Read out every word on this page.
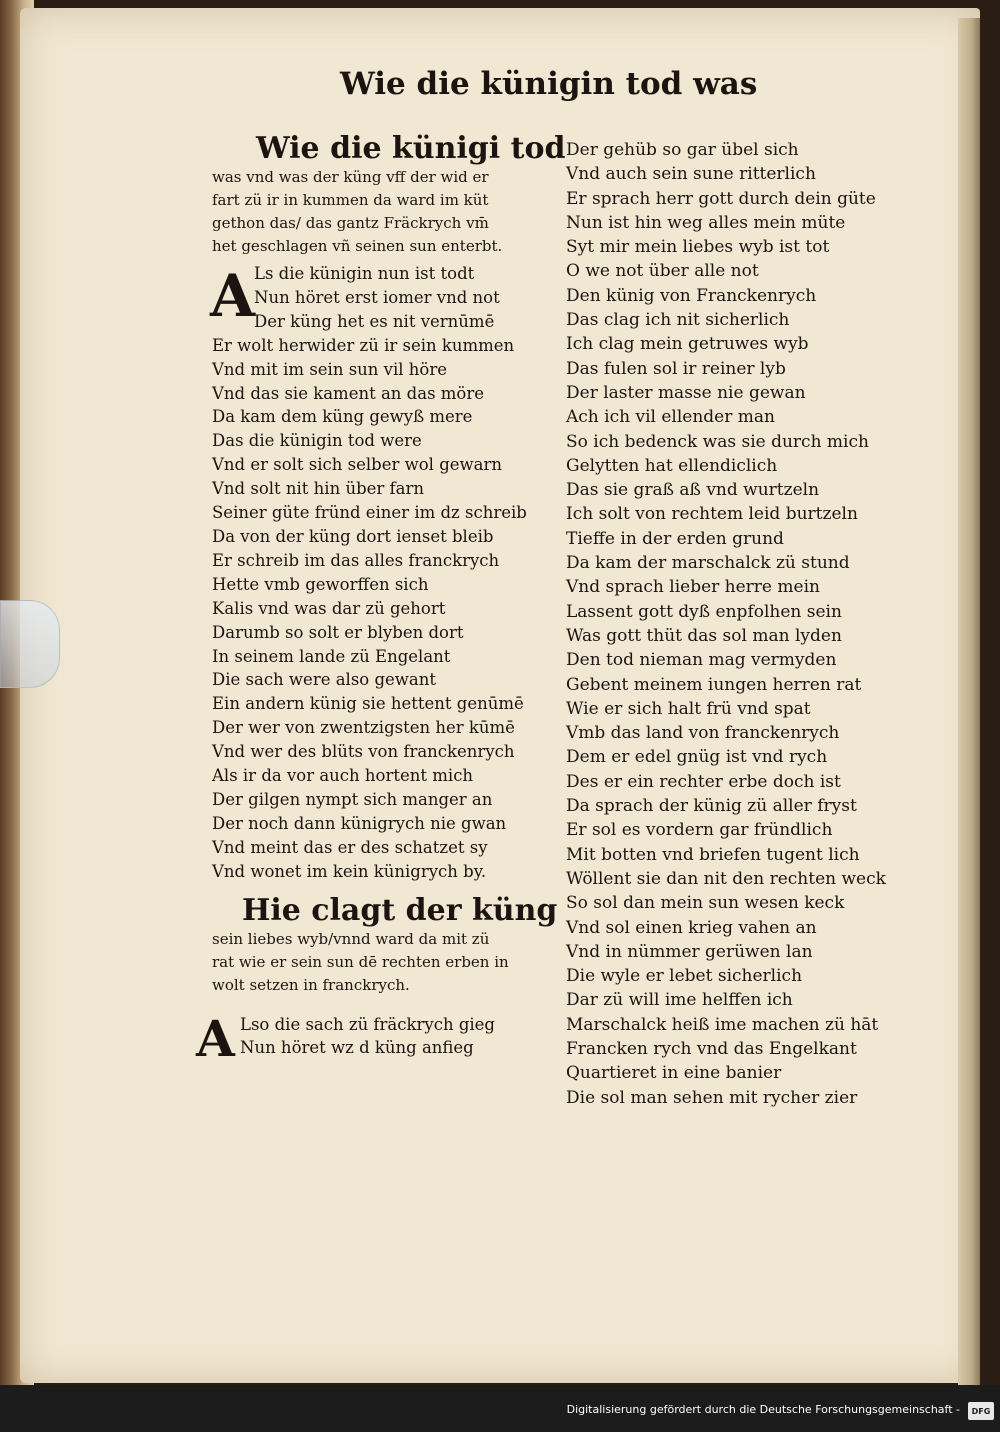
Wie die künigin tod was
Wie die künigi tod
was vnd was der küng vff der wid er
fart zü ir in kummen da ward im küt
gethon das/ das gantz Fräckrych vm̄
het geschlagen vñ seinen sun enterbt.
A
Ls die künigin nun ist todt
Nun höret erst iomer vnd not
Der küng het es nit vernūmē
Er wolt herwider zü ir sein kummen
Vnd mit im sein sun vil höre
Vnd das sie kament an das möre
Da kam dem küng gewyß mere
Das die künigin tod were
Vnd er solt sich selber wol gewarn
Vnd solt nit hin über farn
Seiner güte fründ einer im dz schreib
Da von der küng dort ienset bleib
Er schreib im das alles franckrych
Hette vmb geworffen sich
Kalis vnd was dar zü gehort
Darumb so solt er blyben dort
In seinem lande zü Engelant
Die sach were also gewant
Ein andern künig sie hettent genūmē
Der wer von zwentzigsten her kūmē
Vnd wer des blüts von franckenrych
Als ir da vor auch hortent mich
Der gilgen nympt sich manger an
Der noch dann künigrych nie gwan
Vnd meint das er des schatzet sy
Vnd wonet im kein künigrych by.
Hie clagt der küng
sein liebes wyb/vnnd ward da mit zü
rat wie er sein sun dē rechten erben in
wolt setzen in franckrych.
A Lso die sach zü fräckrych gieg
Nun höret wz d küng anfieg
Der gehüb so gar übel sich
Vnd auch sein sune ritterlich
Er sprach herr gott durch dein güte
Nun ist hin weg alles mein müte
Syt mir mein liebes wyb ist tot
O we not über alle not
Den künig von Franckenrych
Das clag ich nit sicherlich
Ich clag mein getruwes wyb
Das fulen sol ir reiner lyb
Der laster masse nie gewan
Ach ich vil ellender man
So ich bedenck was sie durch mich
Gelytten hat ellendiclich
Das sie graß aß vnd wurtzeln
Ich solt von rechtem leid burtzeln
Tieffe in der erden grund
Da kam der marschalck zü stund
Vnd sprach lieber herre mein
Lassent gott dyß enpfolhen sein
Was gott thüt das sol man lyden
Den tod nieman mag vermyden
Gebent meinem iungen herren rat
Wie er sich halt frü vnd spat
Vmb das land von franckenrych
Dem er edel gnüg ist vnd rych
Des er ein rechter erbe doch ist
Da sprach der künig zü aller fryst
Er sol es vordern gar fründlich
Mit botten vnd briefen tugent lich
Wöllent sie dan nit den rechten weck
So sol dan mein sun wesen keck
Vnd sol einen krieg vahen an
Vnd in nümmer gerüwen lan
Die wyle er lebet sicherlich
Dar zü will ime helffen ich
Marschalck heiß ime machen zü hāt
Francken rych vnd das Engelkant
Quartieret in eine banier
Die sol man sehen mit rycher zier
Digitalisierung gefördert durch die Deutsche Forschungsgemeinschaft -	DFG
